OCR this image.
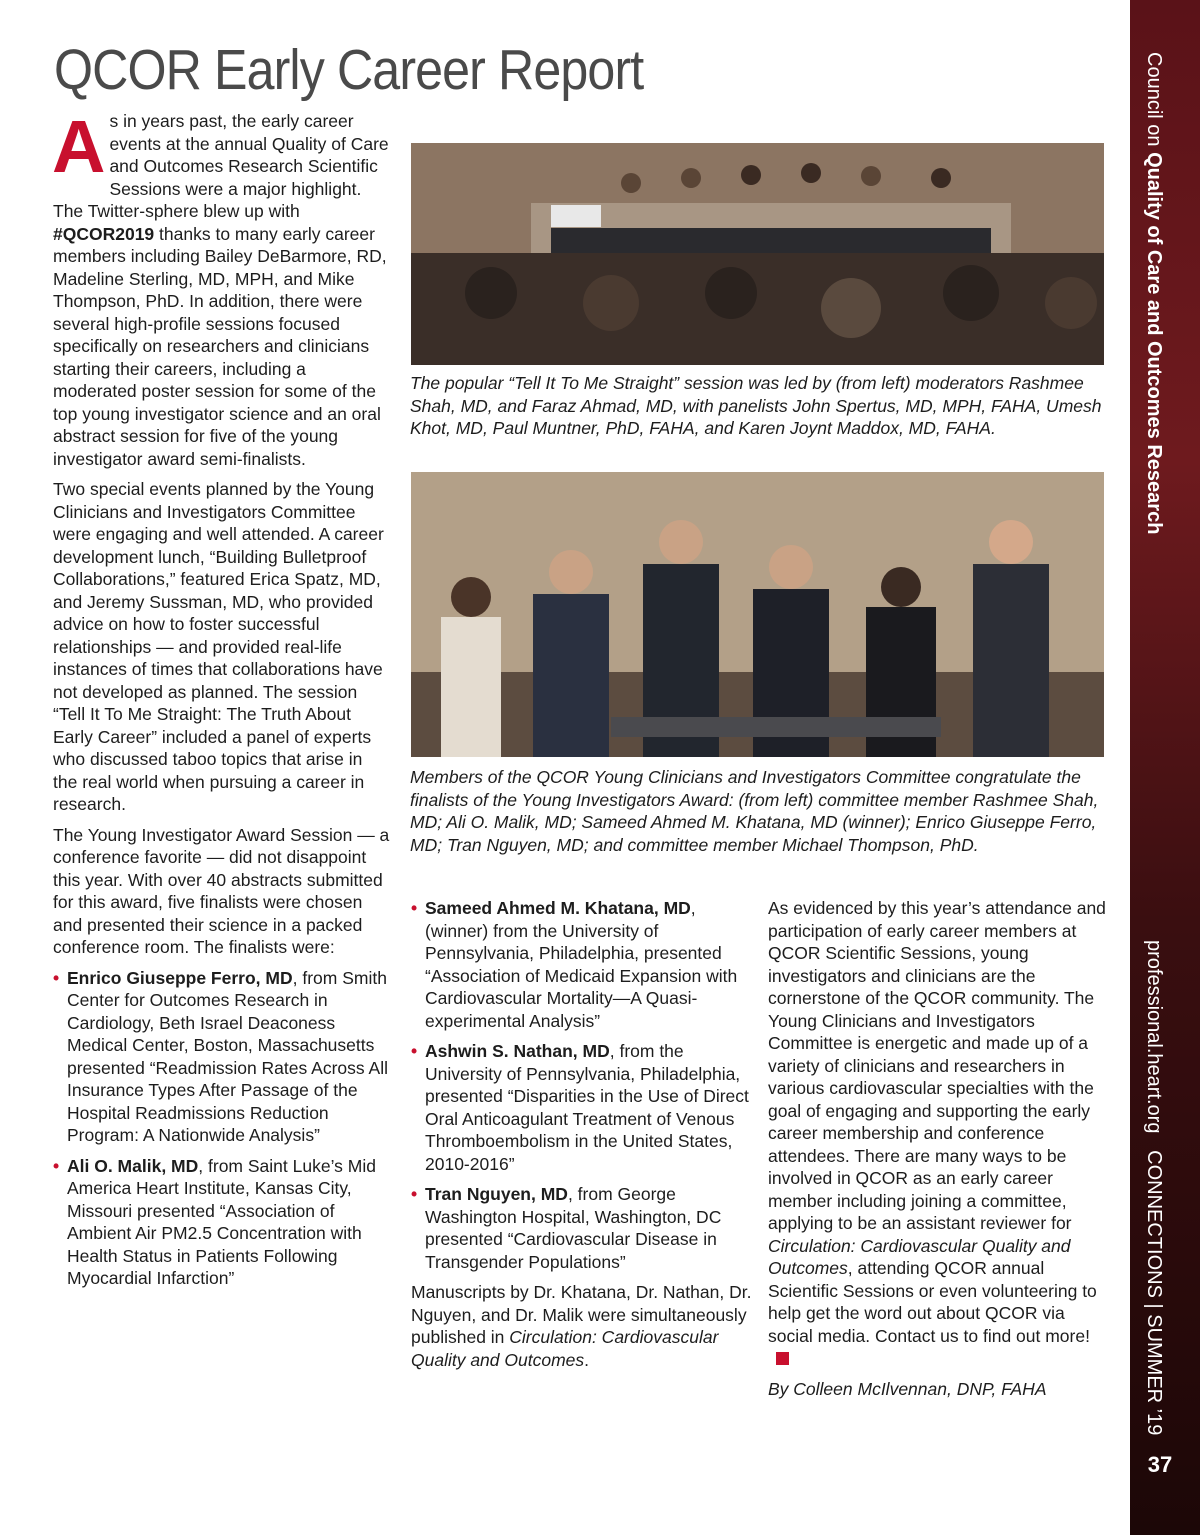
QCOR Early Career Report

As in years past, the early career events at the annual Quality of Care and Outcomes Research Scientific Sessions were a major highlight. The Twitter-sphere blew up with #QCOR2019 thanks to many early career members including Bailey DeBarmore, RD, Madeline Sterling, MD, MPH, and Mike Thompson, PhD. In addition, there were several high-profile sessions focused specifically on researchers and clinicians starting their careers, including a moderated poster session for some of the top young investigator science and an oral abstract session for five of the young investigator award semi-finalists.

Two special events planned by the Young Clinicians and Investigators Committee were engaging and well attended. A career development lunch, “Building Bulletproof Collaborations,” featured Erica Spatz, MD, and Jeremy Sussman, MD, who provided advice on how to foster successful relationships — and provided real-life instances of times that collaborations have not developed as planned. The session “Tell It To Me Straight: The Truth About Early Career” included a panel of experts who discussed taboo topics that arise in the real world when pursuing a career in research.

The Young Investigator Award Session — a conference favorite — did not disappoint this year. With over 40 abstracts submitted for this award, five finalists were chosen and presented their science in a packed conference room. The finalists were:

• Enrico Giuseppe Ferro, MD, from Smith Center for Outcomes Research in Cardiology, Beth Israel Deaconess Medical Center, Boston, Massachusetts presented “Readmission Rates Across All Insurance Types After Passage of the Hospital Readmissions Reduction Program: A Nationwide Analysis”
• Ali O. Malik, MD, from Saint Luke’s Mid America Heart Institute, Kansas City, Missouri presented “Association of Ambient Air PM2.5 Concentration with Health Status in Patients Following Myocardial Infarction”
The popular “Tell It To Me Straight” session was led by (from left) moderators Rashmee Shah, MD, and Faraz Ahmad, MD, with panelists John Spertus, MD, MPH, FAHA, Umesh Khot, MD, Paul Muntner, PhD, FAHA, and Karen Joynt Maddox, MD, FAHA.
Members of the QCOR Young Clinicians and Investigators Committee congratulate the finalists of the Young Investigators Award: (from left) committee member Rashmee Shah, MD; Ali O. Malik, MD; Sameed Ahmed M. Khatana, MD (winner); Enrico Giuseppe Ferro, MD; Tran Nguyen, MD; and committee member Michael Thompson, PhD.
• Sameed Ahmed M. Khatana, MD, (winner) from the University of Pennsylvania, Philadelphia, presented “Association of Medicaid Expansion with Cardiovascular Mortality—A Quasi-experimental Analysis”
• Ashwin S. Nathan, MD, from the University of Pennsylvania, Philadelphia, presented “Disparities in the Use of Direct Oral Anticoagulant Treatment of Venous Thromboembolism in the United States, 2010-2016”
• Tran Nguyen, MD, from George Washington Hospital, Washington, DC presented “Cardiovascular Disease in Transgender Populations”

Manuscripts by Dr. Khatana, Dr. Nathan, Dr. Nguyen, and Dr. Malik were simultaneously published in Circulation: Cardiovascular Quality and Outcomes.

As evidenced by this year’s attendance and participation of early career members at QCOR Scientific Sessions, young investigators and clinicians are the cornerstone of the QCOR community. The Young Clinicians and Investigators Committee is energetic and made up of a variety of clinicians and researchers in various cardiovascular specialties with the goal of engaging and supporting the early career membership and conference attendees. There are many ways to be involved in QCOR as an early career member including joining a committee, applying to be an assistant reviewer for Circulation: Cardiovascular Quality and Outcomes, attending QCOR annual Scientific Sessions or even volunteering to help get the word out about QCOR via social media. Contact us to find out more!

By Colleen McIlvennan, DNP, FAHA
Council on Quality of Care and Outcomes Research
professional.heart.org   CONNECTIONS | SUMMER ’19
37
